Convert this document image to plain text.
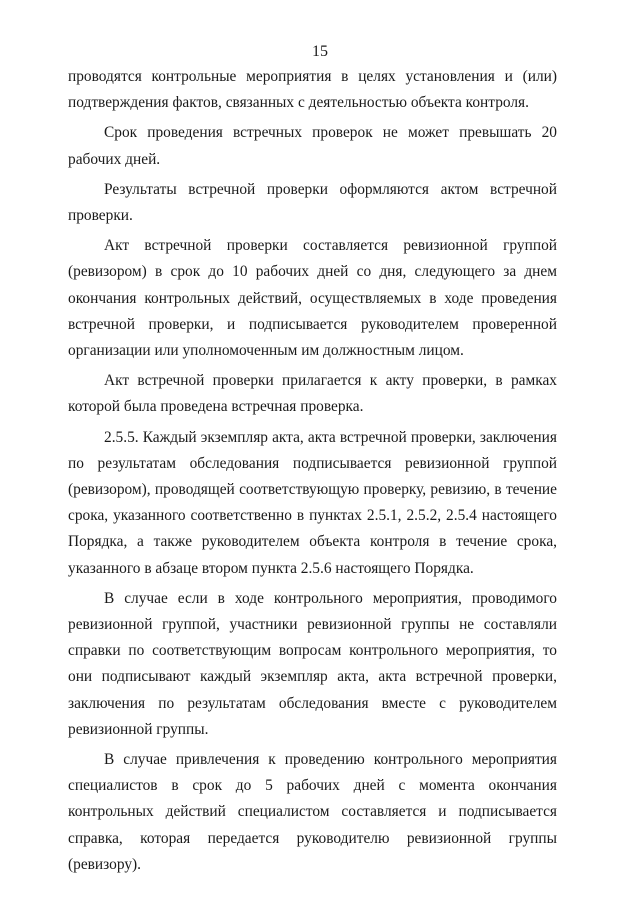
15

проводятся контрольные мероприятия в целях установления и (или) подтверждения фактов, связанных с деятельностью объекта контроля.

Срок проведения встречных проверок не может превышать 20 рабочих дней.

Результаты встречной проверки оформляются актом встречной проверки.

Акт встречной проверки составляется ревизионной группой (ревизором) в срок до 10 рабочих дней со дня, следующего за днем окончания контрольных действий, осуществляемых в ходе проведения встречной проверки, и подписывается руководителем проверенной организации или уполномоченным им должностным лицом.

Акт встречной проверки прилагается к акту проверки, в рамках которой была проведена встречная проверка.

2.5.5. Каждый экземпляр акта, акта встречной проверки, заключения по результатам обследования подписывается ревизионной группой (ревизором), проводящей соответствующую проверку, ревизию, в течение срока, указанного соответственно в пунктах 2.5.1, 2.5.2, 2.5.4 настоящего Порядка, а также руководителем объекта контроля в течение срока, указанного в абзаце втором пункта 2.5.6 настоящего Порядка.

В случае если в ходе контрольного мероприятия, проводимого ревизионной группой, участники ревизионной группы не составляли справки по соответствующим вопросам контрольного мероприятия, то они подписывают каждый экземпляр акта, акта встречной проверки, заключения по результатам обследования вместе с руководителем ревизионной группы.

В случае привлечения к проведению контрольного мероприятия специалистов в срок до 5 рабочих дней с момента окончания контрольных действий специалистом составляется и подписывается справка, которая передается руководителю ревизионной группы (ревизору).
